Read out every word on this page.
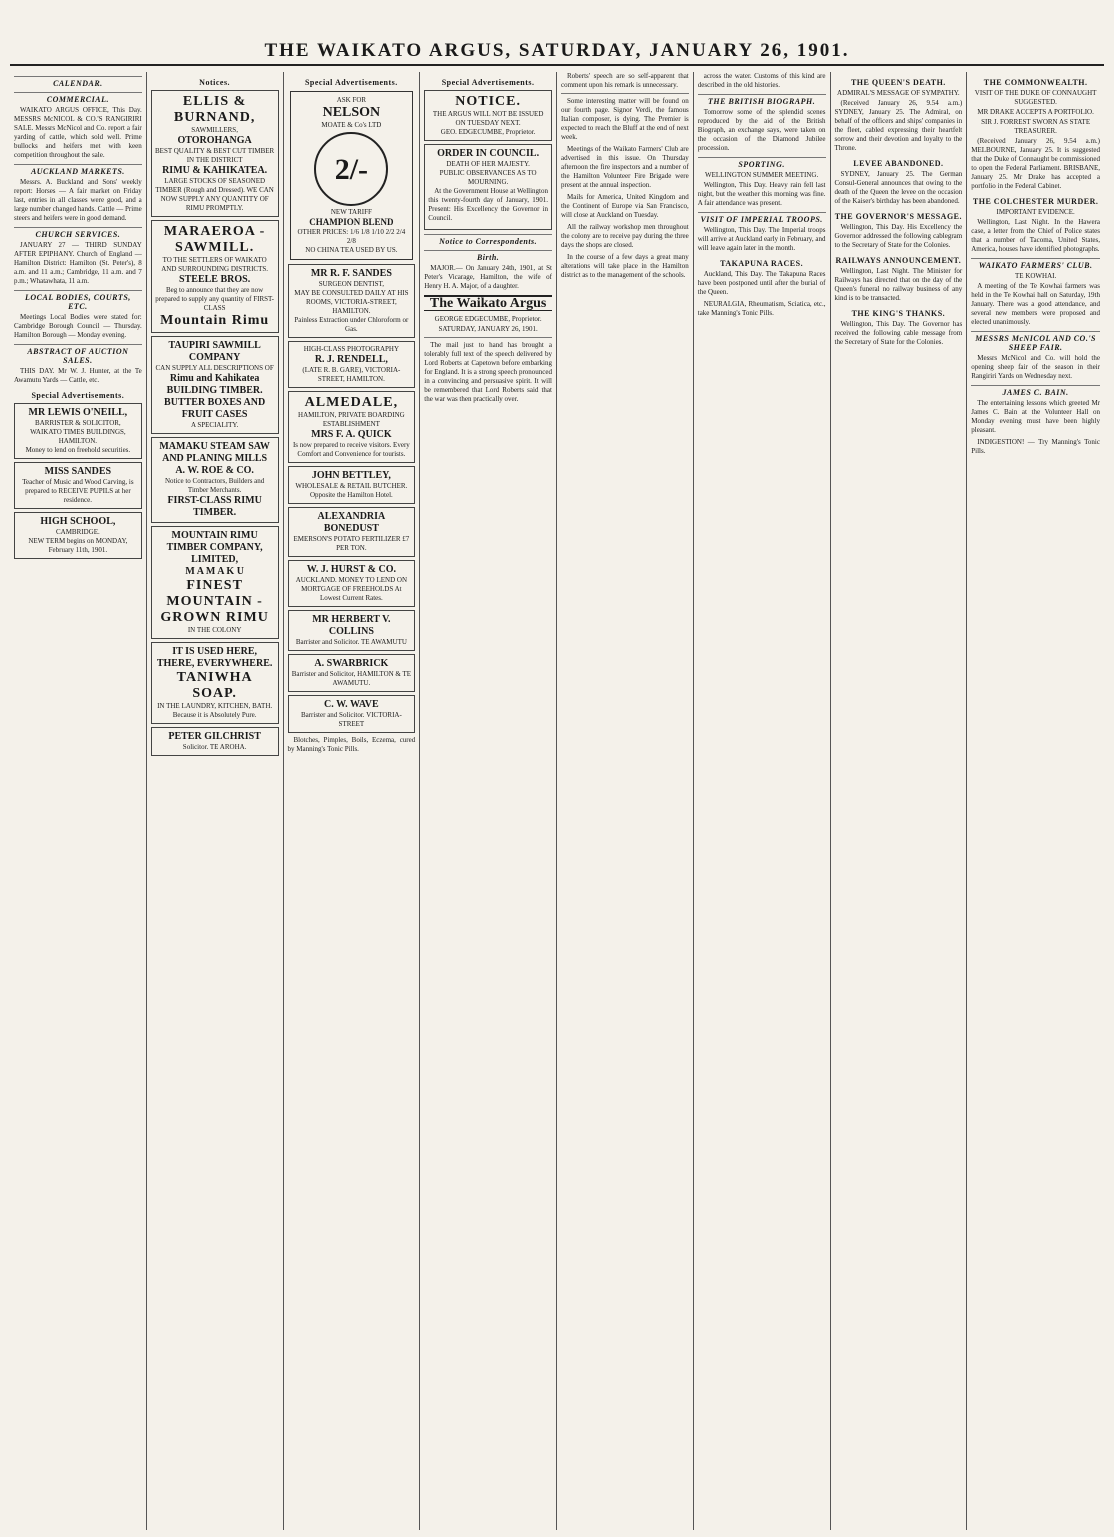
THE WAIKATO ARGUS, SATURDAY, JANUARY 26, 1901.
CALENDAR.
COMMERCIAL.

WAIKATO ARGUS OFFICE, This Day. MESSRS McNICOL & CO.'S RANGIRIRI SALE. Messrs McNicol and Co. report a fair yarding of cattle, which sold well. Prime bullocks and heifers met with keen competition throughout the sale.

AUCKLAND MARKETS.

Messrs. A. Buckland and Sons' weekly report: Horses — A fair market on Friday last, entries in all classes were good, and a large number changed hands. Cattle — Prime steers and heifers were in good demand.

CHURCH SERVICES.

JANUARY 27 — THIRD SUNDAY AFTER EPIPHANY. Church of England — Hamilton District: Hamilton (St. Peter's), 8 a.m. and 11 a.m.; Cambridge, 11 a.m. and 7 p.m.; Whatawhata, 11 a.m.

LOCAL BODIES, COURTS, ETC.

Meetings Local Bodies were stated for: Cambridge Borough Council — Thursday. Hamilton Borough — Monday evening.

ABSTRACT OF AUCTION SALES.

THIS DAY. Mr W. J. Hunter, at the Te Awamutu Yards — Cattle, etc.

Special Advertisements.
MR LEWIS O'NEILL,
BARRISTER & SOLICITOR,
WAIKATO TIMES BUILDINGS, HAMILTON.
Money to lend on freehold securities.
MISS SANDES
Teacher of Music and Wood Carving, is prepared to RECEIVE PUPILS at her residence.
HIGH SCHOOL,
CAMBRIDGE.
NEW TERM begins on MONDAY, February 11th, 1901.
Notices.
ELLIS & BURNAND,
SAWMILLERS,
OTOROHANGA
BEST QUALITY & BEST CUT TIMBER IN THE DISTRICT
RIMU & KAHIKATEA.
LARGE STOCKS OF SEASONED TIMBER (Rough and Dressed). WE CAN NOW SUPPLY ANY QUANTITY OF RIMU PROMPTLY.
MARAEROA - SAWMILL.
TO THE SETTLERS OF WAIKATO AND SURROUNDING DISTRICTS.
STEELE BROS.
Beg to announce that they are now prepared to supply any quantity of FIRST-CLASS
Mountain Rimu
TAUPIRI SAWMILL COMPANY
CAN SUPPLY ALL DESCRIPTIONS OF
Rimu and Kahikatea BUILDING TIMBER.
BUTTER BOXES AND FRUIT CASES
A SPECIALITY.
MAMAKU STEAM SAW AND PLANING MILLS
A. W. ROE & CO.
Notice to Contractors, Builders and Timber Merchants.
FIRST-CLASS RIMU TIMBER.
MOUNTAIN RIMU TIMBER COMPANY, LIMITED,
M A M A K U
FINEST MOUNTAIN - GROWN RIMU
IN THE COLONY
IT IS USED HERE, THERE, EVERYWHERE.
TANIWHA SOAP.
IN THE LAUNDRY, KITCHEN, BATH. Because it is Absolutely Pure.
PETER GILCHRIST
Solicitor. TE AROHA.
Special Advertisements.
ASK FOR
NELSON
MOATE & Co's LTD
2/-
NEW TARIFF
CHAMPION BLEND
OTHER PRICES: 1/6 1/8 1/10 2/2 2/4 2/8
NO CHINA TEA USED BY US.
MR R. F. SANDES
SURGEON DENTIST,
MAY BE CONSULTED DAILY AT HIS ROOMS, VICTORIA-STREET, HAMILTON.
Painless Extraction under Chloroform or Gas.
HIGH-CLASS PHOTOGRAPHY
R. J. RENDELL,
(LATE R. B. GARE), VICTORIA-STREET, HAMILTON.
ALMEDALE,
HAMILTON, PRIVATE BOARDING ESTABLISHMENT
MRS F. A. QUICK
Is now prepared to receive visitors. Every Comfort and Convenience for tourists.
JOHN BETTLEY,
WHOLESALE & RETAIL BUTCHER. Opposite the Hamilton Hotel.
ALEXANDRIA BONEDUST
EMERSON'S POTATO FERTILIZER £7 PER TON.
W. J. HURST & CO.
AUCKLAND. MONEY TO LEND ON MORTGAGE OF FREEHOLDS At Lowest Current Rates.
MR HERBERT V. COLLINS
Barrister and Solicitor. TE AWAMUTU
A. SWARBRICK
Barrister and Solicitor, HAMILTON & TE AWAMUTU.
C. W. WAVE
Barrister and Solicitor. VICTORIA-STREET

Blotches, Pimples, Boils, Eczema, cured by Manning's Tonic Pills.

Special Advertisements.
NOTICE.
THE ARGUS WILL NOT BE ISSUED ON TUESDAY NEXT.
GEO. EDGECUMBE, Proprietor.
ORDER IN COUNCIL.
DEATH OF HER MAJESTY.
PUBLIC OBSERVANCES AS TO MOURNING.

At the Government House at Wellington this twenty-fourth day of January, 1901. Present: His Excellency the Governor in Council.

Notice to Correspondents.
Birth.

MAJOR.— On January 24th, 1901, at St Peter's Vicarage, Hamilton, the wife of Henry H. A. Major, of a daughter.

The Waikato Argus
GEORGE EDGECUMBE, Proprietor.
SATURDAY, JANUARY 26, 1901.

The mail just to hand has brought a tolerably full text of the speech delivered by Lord Roberts at Capetown before embarking for England. It is a strong speech pronounced in a convincing and persuasive spirit. It will be remembered that Lord Roberts said that the war was then practically over.

Roberts' speech are so self-apparent that comment upon his remark is unnecessary.

Some interesting matter will be found on our fourth page. Signor Verdi, the famous Italian composer, is dying. The Premier is expected to reach the Bluff at the end of next week.

Meetings of the Waikato Farmers' Club are advertised in this issue. On Thursday afternoon the fire inspectors and a number of the Hamilton Volunteer Fire Brigade were present at the annual inspection.

Mails for America, United Kingdom and the Continent of Europe via San Francisco, will close at Auckland on Tuesday.

All the railway workshop men throughout the colony are to receive pay during the three days the shops are closed.

In the course of a few days a great many alterations will take place in the Hamilton district as to the management of the schools.

across the water. Customs of this kind are described in the old histories.

THE BRITISH BIOGRAPH.

Tomorrow some of the splendid scenes reproduced by the aid of the British Biograph, an exchange says, were taken on the occasion of the Diamond Jubilee procession.

SPORTING.
WELLINGTON SUMMER MEETING.

Wellington, This Day. Heavy rain fell last night, but the weather this morning was fine. A fair attendance was present.

VISIT OF IMPERIAL TROOPS.

Wellington, This Day. The Imperial troops will arrive at Auckland early in February, and will leave again later in the month.

TAKAPUNA RACES.

Auckland, This Day. The Takapuna Races have been postponed until after the burial of the Queen.

NEURALGIA, Rheumatism, Sciatica, etc., take Manning's Tonic Pills.

THE QUEEN'S DEATH.
ADMIRAL'S MESSAGE OF SYMPATHY.

(Received January 26, 9.54 a.m.) SYDNEY, January 25. The Admiral, on behalf of the officers and ships' companies in the fleet, cabled expressing their heartfelt sorrow and their devotion and loyalty to the Throne.

LEVEE ABANDONED.

SYDNEY, January 25. The German Consul-General announces that owing to the death of the Queen the levee on the occasion of the Kaiser's birthday has been abandoned.

THE GOVERNOR'S MESSAGE.

Wellington, This Day. His Excellency the Governor addressed the following cablegram to the Secretary of State for the Colonies.

RAILWAYS ANNOUNCEMENT.

Wellington, Last Night. The Minister for Railways has directed that on the day of the Queen's funeral no railway business of any kind is to be transacted.

THE KING'S THANKS.

Wellington, This Day. The Governor has received the following cable message from the Secretary of State for the Colonies.

THE COMMONWEALTH.
VISIT OF THE DUKE OF CONNAUGHT SUGGESTED.
MR DRAKE ACCEPTS A PORTFOLIO.
SIR J. FORREST SWORN AS STATE TREASURER.

(Received January 26, 9.54 a.m.) MELBOURNE, January 25. It is suggested that the Duke of Connaught be commissioned to open the Federal Parliament. BRISBANE, January 25. Mr Drake has accepted a portfolio in the Federal Cabinet.

THE COLCHESTER MURDER.
IMPORTANT EVIDENCE.

Wellington, Last Night. In the Hawera case, a letter from the Chief of Police states that a number of Tacoma, United States, America, houses have identified photographs.

WAIKATO FARMERS' CLUB.
TE KOWHAI.

A meeting of the Te Kowhai farmers was held in the Te Kowhai hall on Saturday, 19th January. There was a good attendance, and several new members were proposed and elected unanimously.

MESSRS McNICOL AND CO.'S SHEEP FAIR.

Messrs McNicol and Co. will hold the opening sheep fair of the season in their Rangiriri Yards on Wednesday next.

JAMES C. BAIN.

The entertaining lessons which greeted Mr James C. Bain at the Volunteer Hall on Monday evening must have been highly pleasant.

INDIGESTION! — Try Manning's Tonic Pills.
